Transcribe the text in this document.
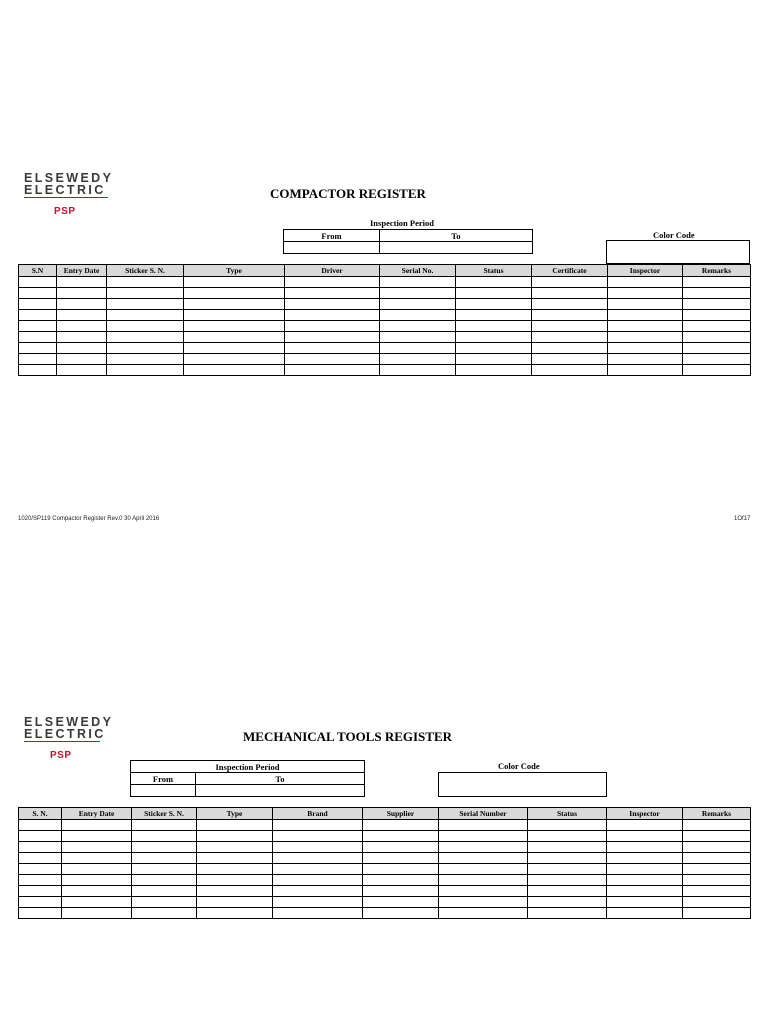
ELSEWEDY
ELECTRIC
PSP
COMPACTOR REGISTER
Inspection Period
From	To
		Color Code
S.N	Entry Date	Sticker S. N.	Type	Driver	Serial No.	Status	Certificate	Inspector	Remarks

1020/SP119 Compactor Register Rev.0 30 April 2016	1Of17
ELSEWEDY
ELECTRIC
PSP
MECHANICAL TOOLS REGISTER
Inspection Period	
From	To

Color Code
S. N.	Entry Date	Sticker S. N.	Type	Brand	Supplier	Serial Number	Status	Inspector	Remarks
